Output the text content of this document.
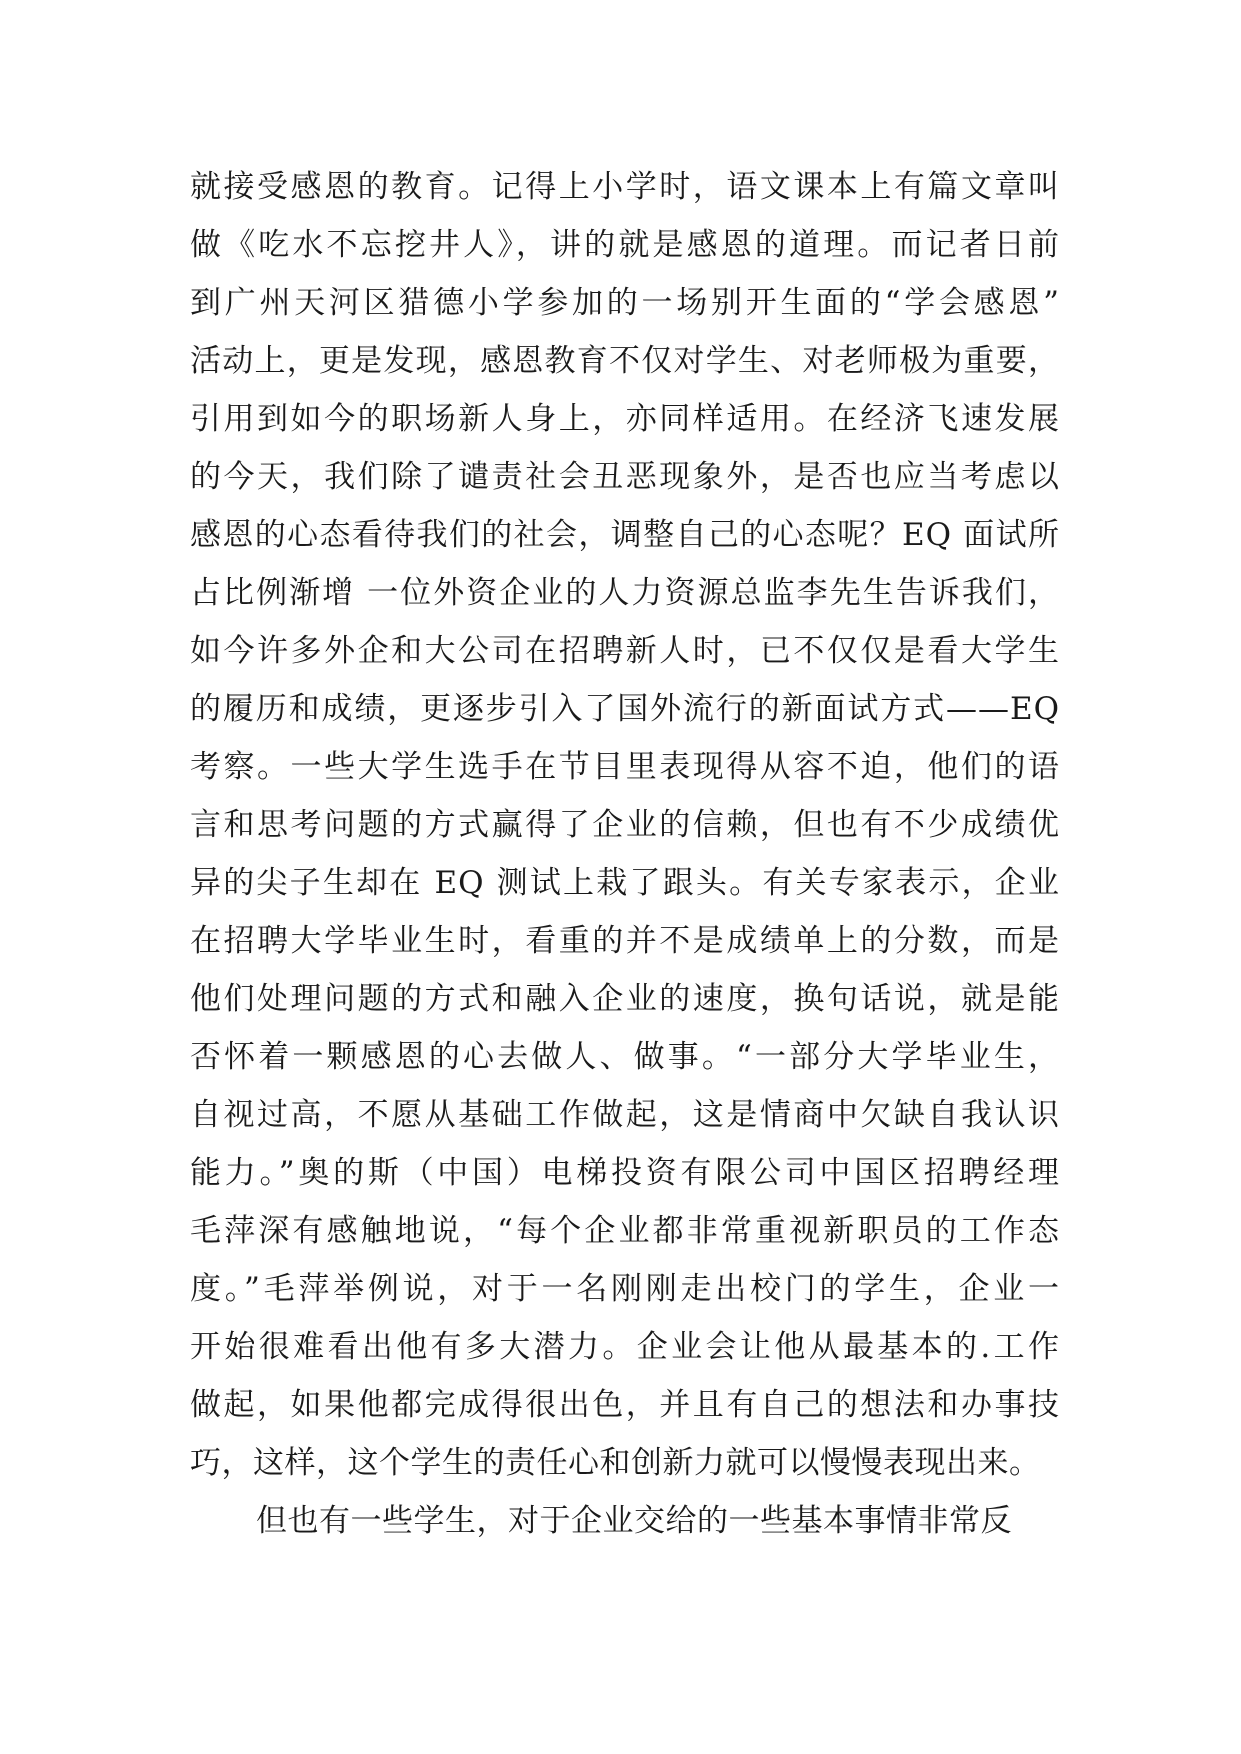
就接受感恩的教育。记得上小学时，语文课本上有篇文章叫
做《吃水不忘挖井人》，讲的就是感恩的道理。而记者日前
到广州天河区猎德小学参加的一场别开生面的“学会感恩”
活动上，更是发现，感恩教育不仅对学生、对老师极为重要，
引用到如今的职场新人身上，亦同样适用。在经济飞速发展
的今天，我们除了谴责社会丑恶现象外，是否也应当考虑以
感恩的心态看待我们的社会，调整自己的心态呢？EQ 面试所
占比例渐增 一位外资企业的人力资源总监李先生告诉我们，
如今许多外企和大公司在招聘新人时，已不仅仅是看大学生
的履历和成绩，更逐步引入了国外流行的新面试方式——EQ
考察。一些大学生选手在节目里表现得从容不迫，他们的语
言和思考问题的方式赢得了企业的信赖，但也有不少成绩优
异的尖子生却在 EQ 测试上栽了跟头。有关专家表示，企业
在招聘大学毕业生时，看重的并不是成绩单上的分数，而是
他们处理问题的方式和融入企业的速度，换句话说，就是能
否怀着一颗感恩的心去做人、做事。“一部分大学毕业生，
自视过高，不愿从基础工作做起，这是情商中欠缺自我认识
能力。”奥的斯（中国）电梯投资有限公司中国区招聘经理
毛萍深有感触地说，“每个企业都非常重视新职员的工作态
度。”毛萍举例说，对于一名刚刚走出校门的学生，企业一
开始很难看出他有多大潜力。企业会让他从最基本的.工作
做起，如果他都完成得很出色，并且有自己的想法和办事技
巧，这样，这个学生的责任心和创新力就可以慢慢表现出来。
但也有一些学生，对于企业交给的一些基本事情非常反
